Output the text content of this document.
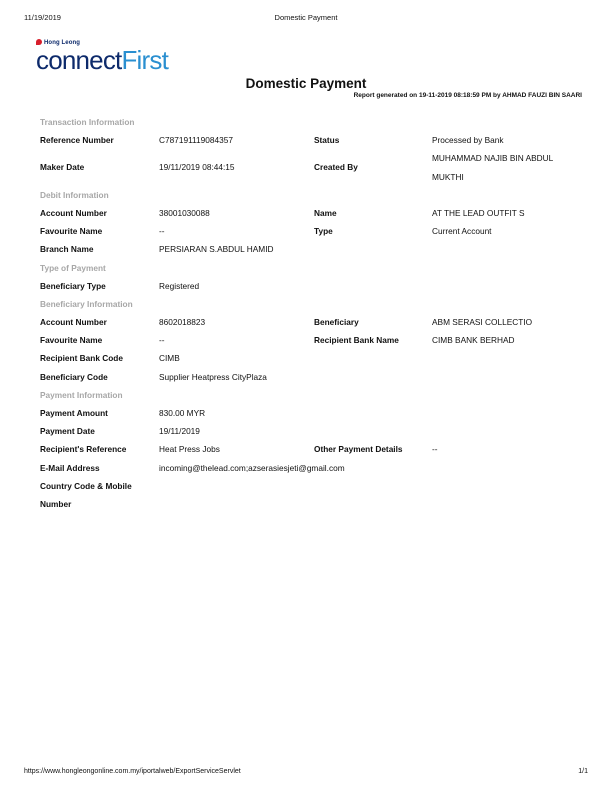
11/19/2019	Domestic Payment
Hong Leong
connectFirst
Domestic Payment
Report generated on 19-11-2019 08:18:59 PM by AHMAD FAUZI BIN SAARI
Transaction Information
Reference Number	C787191119084357	Status	Processed by Bank
Maker Date	19/11/2019 08:44:15	Created By
MUHAMMAD NAJIB BIN ABDUL MUKTHI
Debit Information
Account Number	38001030088	Name	AT THE LEAD OUTFIT S
Favourite Name	--	Type	Current Account
Branch Name	PERSIARAN S.ABDUL HAMID
Type of Payment
Beneficiary Type	Registered
Beneficiary Information
Account Number	8602018823	Beneficiary	ABM SERASI COLLECTIO
Favourite Name	--	Recipient Bank Name	CIMB BANK BERHAD
Recipient Bank Code	CIMB
Beneficiary Code	Supplier Heatpress CityPlaza
Payment Information
Payment Amount	830.00 MYR
Payment Date	19/11/2019
Recipient's Reference	Heat Press Jobs	Other Payment Details	--
E-Mail Address	incoming@thelead.com;azserasiesjeti@gmail.com
Country Code & Mobile Number
https://www.hongleongonline.com.my/iportalweb/ExportServiceServlet	1/1
